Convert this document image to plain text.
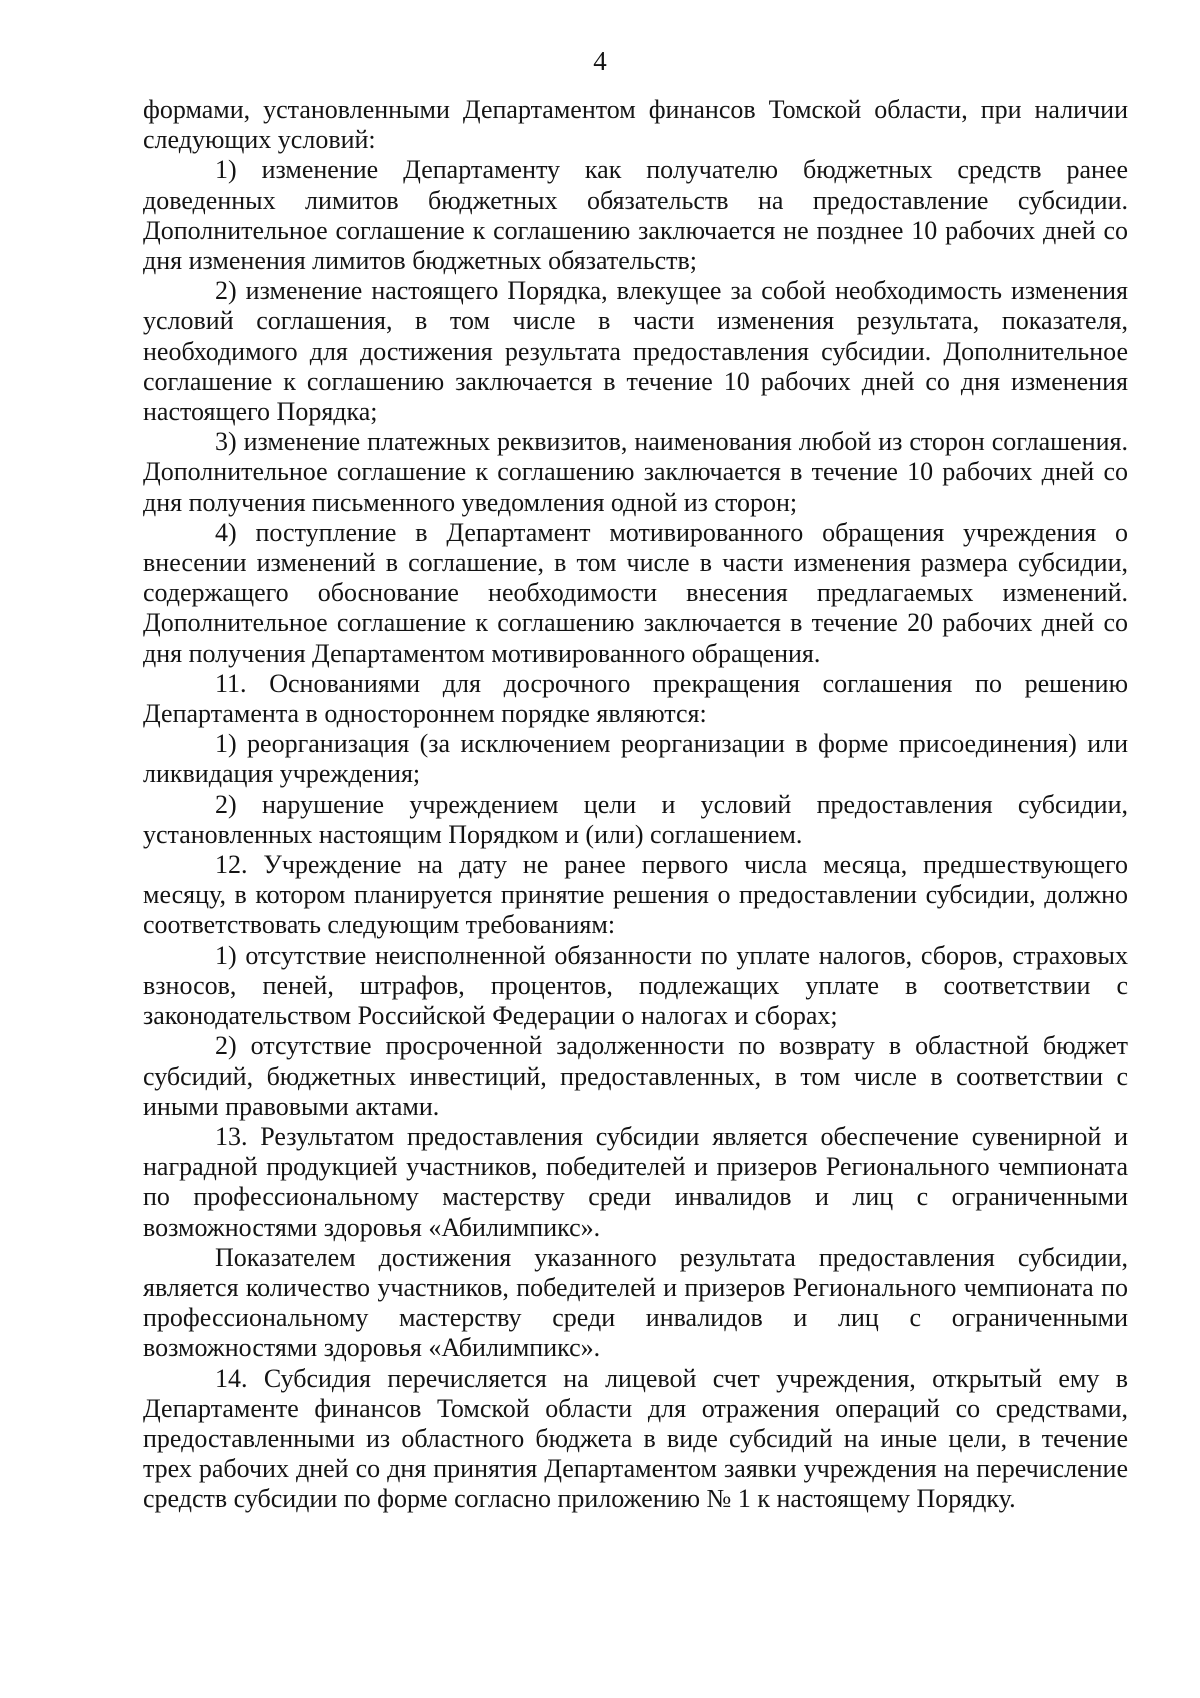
4

формами, установленными Департаментом финансов Томской области, при наличии следующих условий:

1) изменение Департаменту как получателю бюджетных средств ранее доведенных лимитов бюджетных обязательств на предоставление субсидии. Дополнительное соглашение к соглашению заключается не позднее 10 рабочих дней со дня изменения лимитов бюджетных обязательств;

2) изменение настоящего Порядка, влекущее за собой необходимость изменения условий соглашения, в том числе в части изменения результата, показателя, необходимого для достижения результата предоставления субсидии. Дополнительное соглашение к соглашению заключается в течение 10 рабочих дней со дня изменения настоящего Порядка;

3) изменение платежных реквизитов, наименования любой из сторон соглашения. Дополнительное соглашение к соглашению заключается в течение 10 рабочих дней со дня получения письменного уведомления одной из сторон;

4) поступление в Департамент мотивированного обращения учреждения о внесении изменений в соглашение, в том числе в части изменения размера субсидии, содержащего обоснование необходимости внесения предлагаемых изменений. Дополнительное соглашение к соглашению заключается в течение 20 рабочих дней со дня получения Департаментом мотивированного обращения.

11. Основаниями для досрочного прекращения соглашения по решению Департамента в одностороннем порядке являются:

1) реорганизация (за исключением реорганизации в форме присоединения) или ликвидация учреждения;

2) нарушение учреждением цели и условий предоставления субсидии, установленных настоящим Порядком и (или) соглашением.

12. Учреждение на дату не ранее первого числа месяца, предшествующего месяцу, в котором планируется принятие решения о предоставлении субсидии, должно соответствовать следующим требованиям:

1) отсутствие неисполненной обязанности по уплате налогов, сборов, страховых взносов, пеней, штрафов, процентов, подлежащих уплате в соответствии с законодательством Российской Федерации о налогах и сборах;

2) отсутствие просроченной задолженности по возврату в областной бюджет субсидий, бюджетных инвестиций, предоставленных, в том числе в соответствии с иными правовыми актами.

13. Результатом предоставления субсидии является обеспечение сувенирной и наградной продукцией участников, победителей и призеров Регионального чемпионата по профессиональному мастерству среди инвалидов и лиц с ограниченными возможностями здоровья «Абилимпикс».

Показателем достижения указанного результата предоставления субсидии, является количество участников, победителей и призеров Регионального чемпионата по профессиональному мастерству среди инвалидов и лиц с ограниченными возможностями здоровья «Абилимпикс».

14. Субсидия перечисляется на лицевой счет учреждения, открытый ему в Департаменте финансов Томской области для отражения операций со средствами, предоставленными из областного бюджета в виде субсидий на иные цели, в течение трех рабочих дней со дня принятия Департаментом заявки учреждения на перечисление средств субсидии по форме согласно приложению № 1 к настоящему Порядку.
